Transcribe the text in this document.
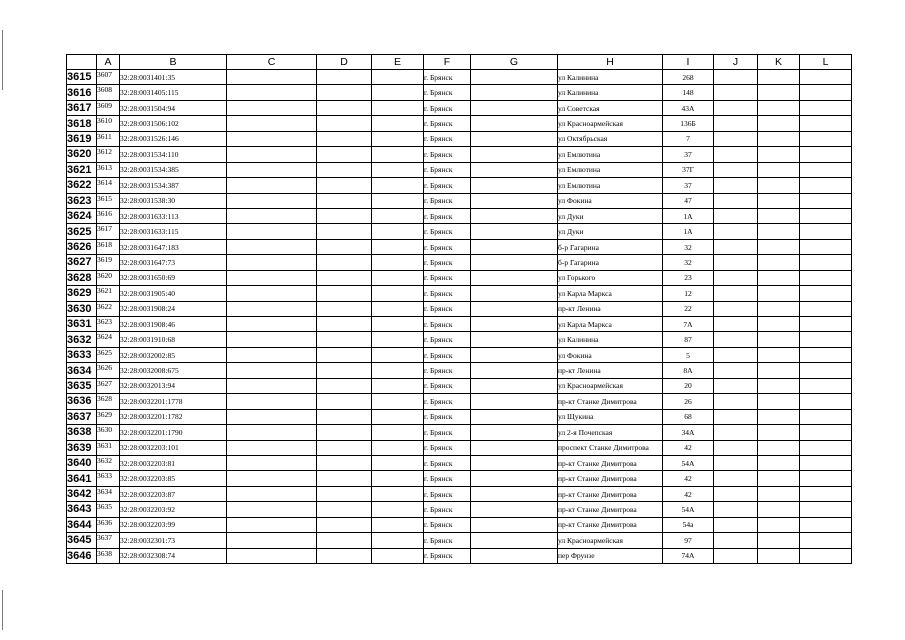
	A	B	C	D	E	F	G	H	I	J	K	L
3615	3607	32:28:0031401:35				г. Брянск		ул Калинина	268			
3616	3608	32:28:0031405:115				г. Брянск		ул Калинина	148			
3617	3609	32:28:0031504:94				г. Брянск		ул Советская	43А			
3618	3610	32:28:0031506:102				г. Брянск		ул Красноармейская	136Б			
3619	3611	32:28:0031526:146				г. Брянск		ул Октябрьская	7			
3620	3612	32:28:0031534:110				г. Брянск		ул Емлютина	37			
3621	3613	32:28:0031534:385				г. Брянск		ул Емлютина	37Г			
3622	3614	32:28:0031534:387				г. Брянск		ул Емлютина	37			
3623	3615	32:28:0031538:30				г. Брянск		ул Фокина	47			
3624	3616	32:28:0031633:113				г. Брянск		ул Дуки	1А			
3625	3617	32:28:0031633:115				г. Брянск		ул Дуки	1А			
3626	3618	32:28:0031647:183				г. Брянск		б-р Гагарина	32			
3627	3619	32:28:0031647:73				г. Брянск		б-р Гагарина	32			
3628	3620	32:28:0031650:69				г. Брянск		ул Горького	23			
3629	3621	32:28:0031905:40				г. Брянск		ул Карла Маркса	12			
3630	3622	32:28:0031908:24				г. Брянск		пр-кт Ленина	22			
3631	3623	32:28:0031908:46				г. Брянск		ул Карла Маркса	7А			
3632	3624	32:28:0031910:68				г. Брянск		ул Калинина	87			
3633	3625	32:28:0032002:85				г. Брянск		ул Фокина	5			
3634	3626	32:28:0032008:675				г. Брянск		пр-кт Ленина	8А			
3635	3627	32:28:0032013:94				г. Брянск		ул Красноармейская	20			
3636	3628	32:28:0032201:1778				г. Брянск		пр-кт Станке Димитрова	26			
3637	3629	32:28:0032201:1782				г. Брянск		ул Щукина	68			
3638	3630	32:28:0032201:1790				г. Брянск		ул 2-я Почепская	34А			
3639	3631	32:28:0032203:101				г. Брянск		проспект Станке Димитрова	42			
3640	3632	32:28:0032203:81				г. Брянск		пр-кт Станке Димитрова	54А			
3641	3633	32:28:0032203:85				г. Брянск		пр-кт Станке Димитрова	42			
3642	3634	32:28:0032203:87				г. Брянск		пр-кт Станке Димитрова	42			
3643	3635	32:28:0032203:92				г. Брянск		пр-кт Станке Димитрова	54А			
3644	3636	32:28:0032203:99				г. Брянск		пр-кт Станке Димитрова	54а			
3645	3637	32:28:0032301:73				г. Брянск		ул Красноармейская	97			
3646	3638	32:28:0032308:74				г. Брянск		пер Фрунзе	74А			
